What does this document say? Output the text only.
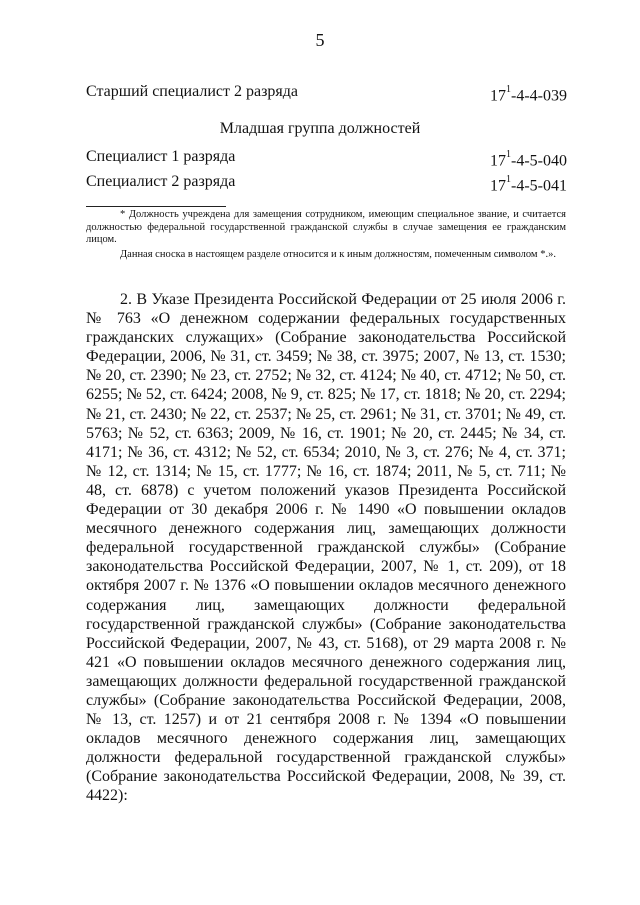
5
Старший специалист 2 разряда	$17^1-4-4-039$
Младшая группа должностей
Специалист 1 разряда	$17^1-4-5-040$
Специалист 2 разряда	$17^1-4-5-041$
* Должность учреждена для замещения сотрудником, имеющим специальное звание, и считается должностью федеральной государственной гражданской службы в случае замещения ее гражданским лицом.
Данная сноска в настоящем разделе относится и к иным должностям, помеченным символом *.».
2. В Указе Президента Российской Федерации от 25 июля 2006 г. № 763 «О денежном содержании федеральных государственных гражданских служащих» (Собрание законодательства Российской Федерации, 2006, № 31, ст. 3459; № 38, ст. 3975; 2007, № 13, ст. 1530; № 20, ст. 2390; № 23, ст. 2752; № 32, ст. 4124; № 40, ст. 4712; № 50, ст. 6255; № 52, ст. 6424; 2008, № 9, ст. 825; № 17, ст. 1818; № 20, ст. 2294; № 21, ст. 2430; № 22, ст. 2537; № 25, ст. 2961; № 31, ст. 3701; № 49, ст. 5763; № 52, ст. 6363; 2009, № 16, ст. 1901; № 20, ст. 2445; № 34, ст. 4171; № 36, ст. 4312; № 52, ст. 6534; 2010, № 3, ст. 276; № 4, ст. 371; № 12, ст. 1314; № 15, ст. 1777; № 16, ст. 1874; 2011, № 5, ст. 711; № 48, ст. 6878) с учетом положений указов Президента Российской Федерации от 30 декабря 2006 г. № 1490 «О повышении окладов месячного денежного содержания лиц, замещающих должности федеральной государственной гражданской службы» (Собрание законодательства Российской Федерации, 2007, № 1, ст. 209), от 18 октября 2007 г. № 1376 «О повышении окладов месячного денежного содержания лиц, замещающих должности федеральной государственной гражданской службы» (Собрание законодательства Российской Федерации, 2007, № 43, ст. 5168), от 29 марта 2008 г. № 421 «О повышении окладов месячного денежного содержания лиц, замещающих должности федеральной государственной гражданской службы» (Собрание законодательства Российской Федерации, 2008, № 13, ст. 1257) и от 21 сентября 2008 г. № 1394 «О повышении окладов месячного денежного содержания лиц, замещающих должности федеральной государственной гражданской службы» (Собрание законодательства Российской Федерации, 2008, № 39, ст. 4422):
